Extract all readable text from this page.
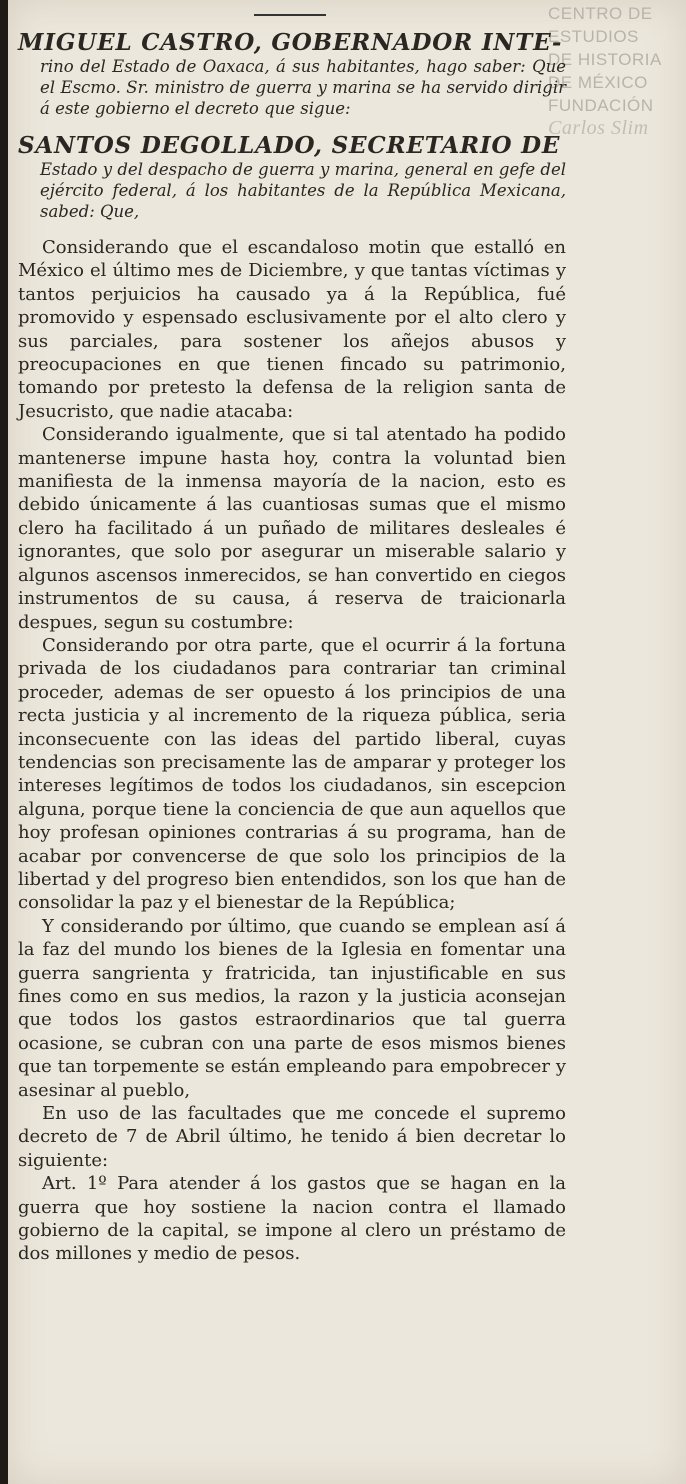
CENTRO DE
ESTUDIOS
DE HISTORIA
DE MÉXICO
FUNDACIÓN
Carlos Slim
MIGUEL CASTRO, GOBERNADOR INTE-
rino del Estado de Oaxaca, á sus habitantes, hago saber: Que el Escmo. Sr. ministro de guerra y marina se ha servido dirigir á este gobierno el decreto que sigue:
SANTOS DEGOLLADO, SECRETARIO DE
Estado y del despacho de guerra y marina, general en gefe del ejército federal, á los habitantes de la República Mexicana, sabed: Que,

Considerando que el escandaloso motin que estalló en México el último mes de Diciembre, y que tantas víctimas y tantos perjuicios ha causado ya á la República, fué promovido y espensado esclusivamente por el alto clero y sus parciales, para sostener los añejos abusos y preocupaciones en que tienen fincado su patrimonio, tomando por pretesto la defensa de la religion santa de Jesucristo, que nadie atacaba:

Considerando igualmente, que si tal atentado ha podido mantenerse impune hasta hoy, contra la voluntad bien manifiesta de la inmensa mayoría de la nacion, esto es debido únicamente á las cuantiosas sumas que el mismo clero ha facilitado á un puñado de militares desleales é ignorantes, que solo por asegurar un miserable salario y algunos ascensos inmerecidos, se han convertido en ciegos instrumentos de su causa, á reserva de traicionarla despues, segun su costumbre:

Considerando por otra parte, que el ocurrir á la fortuna privada de los ciudadanos para contrariar tan criminal proceder, ademas de ser opuesto á los principios de una recta justicia y al incremento de la riqueza pública, seria inconsecuente con las ideas del partido liberal, cuyas tendencias son precisamente las de amparar y proteger los intereses legítimos de todos los ciudadanos, sin escepcion alguna, porque tiene la conciencia de que aun aquellos que hoy profesan opiniones contrarias á su programa, han de acabar por convencerse de que solo los principios de la libertad y del progreso bien entendidos, son los que han de consolidar la paz y el bienestar de la República;

Y considerando por último, que cuando se emplean así á la faz del mundo los bienes de la Iglesia en fomentar una guerra sangrienta y fratricida, tan injustificable en sus fines como en sus medios, la razon y la justicia aconsejan que todos los gastos estraordinarios que tal guerra ocasione, se cubran con una parte de esos mismos bienes que tan torpemente se están empleando para empobrecer y asesinar al pueblo,

En uso de las facultades que me concede el supremo decreto de 7 de Abril último, he tenido á bien decretar lo siguiente:

Art. 1º Para atender á los gastos que se hagan en la guerra que hoy sostiene la nacion contra el llamado gobierno de la capital, se impone al clero un préstamo de dos millones y medio de pesos.
